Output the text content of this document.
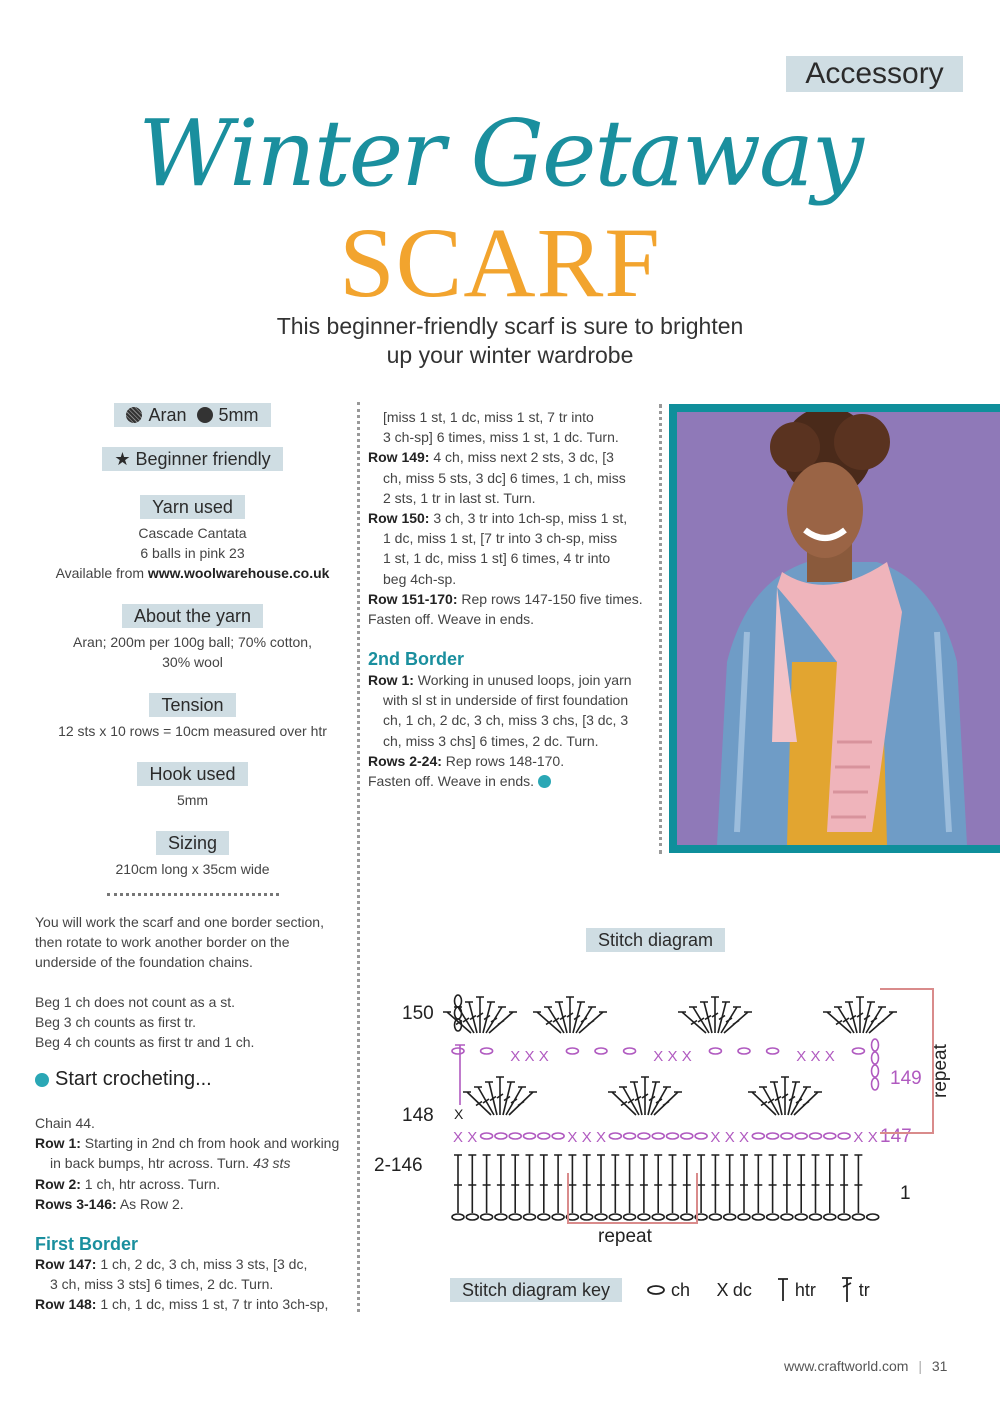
Accessory
Winter Getaway
SCARF
This beginner-friendly scarf is sure to brighten
up your winter wardrobe
Aran 5mm
★ Beginner friendly
Yarn used
Cascade Cantata
6 balls in pink 23
Available from www.woolwarehouse.co.uk
About the yarn
Aran; 200m per 100g ball; 70% cotton,
30% wool
Tension
12 sts x 10 rows = 10cm measured over htr
Hook used
5mm
Sizing
210cm long x 35cm wide
You will work the scarf and one border section,
then rotate to work another border on the
underside of the foundation chains.
Beg 1 ch does not count as a st.
Beg 3 ch counts as first tr.
Beg 4 ch counts as first tr and 1 ch.
Start crocheting...
Chain 44.
Row 1: Starting in 2nd ch from hook and working
in back bumps, htr across. Turn. 43 sts
Row 2: 1 ch, htr across. Turn.
Rows 3-146: As Row 2.
First Border
Row 147: 1 ch, 2 dc, 3 ch, miss 3 sts, [3 dc,
3 ch, miss 3 sts] 6 times, 2 dc. Turn.
Row 148: 1 ch, 1 dc, miss 1 st, 7 tr into 3ch-sp,
[miss 1 st, 1 dc, miss 1 st, 7 tr into
3 ch-sp] 6 times, miss 1 st, 1 dc. Turn.
Row 149: 4 ch, miss next 2 sts, 3 dc, [3
ch, miss 5 sts, 3 dc] 6 times, 1 ch, miss
2 sts, 1 tr in last st. Turn.
Row 150: 3 ch, 3 tr into 1ch-sp, miss 1 st,
1 dc, miss 1 st, [7 tr into 3 ch-sp, miss
1 st, 1 dc, miss 1 st] 6 times, 4 tr into
beg 4ch-sp.
Row 151-170: Rep rows 147-150 five times.
Fasten off. Weave in ends.
2nd Border
Row 1: Working in unused loops, join yarn
with sl st in underside of first foundation
ch, 1 ch, 2 dc, 3 ch, miss 3 chs, [3 dc, 3
ch, miss 3 chs] 6 times, 2 dc. Turn.
Rows 2-24: Rep rows 148-170.
Fasten off. Weave in ends.
Stitch diagram
150
148
2-146
1
149
147
repeat
repeat
X X	X X X	X X X	X X
X
X X X	X X X	X X X
Stitch diagram key	ch X dc htr tr
www.craftworld.com | 31
